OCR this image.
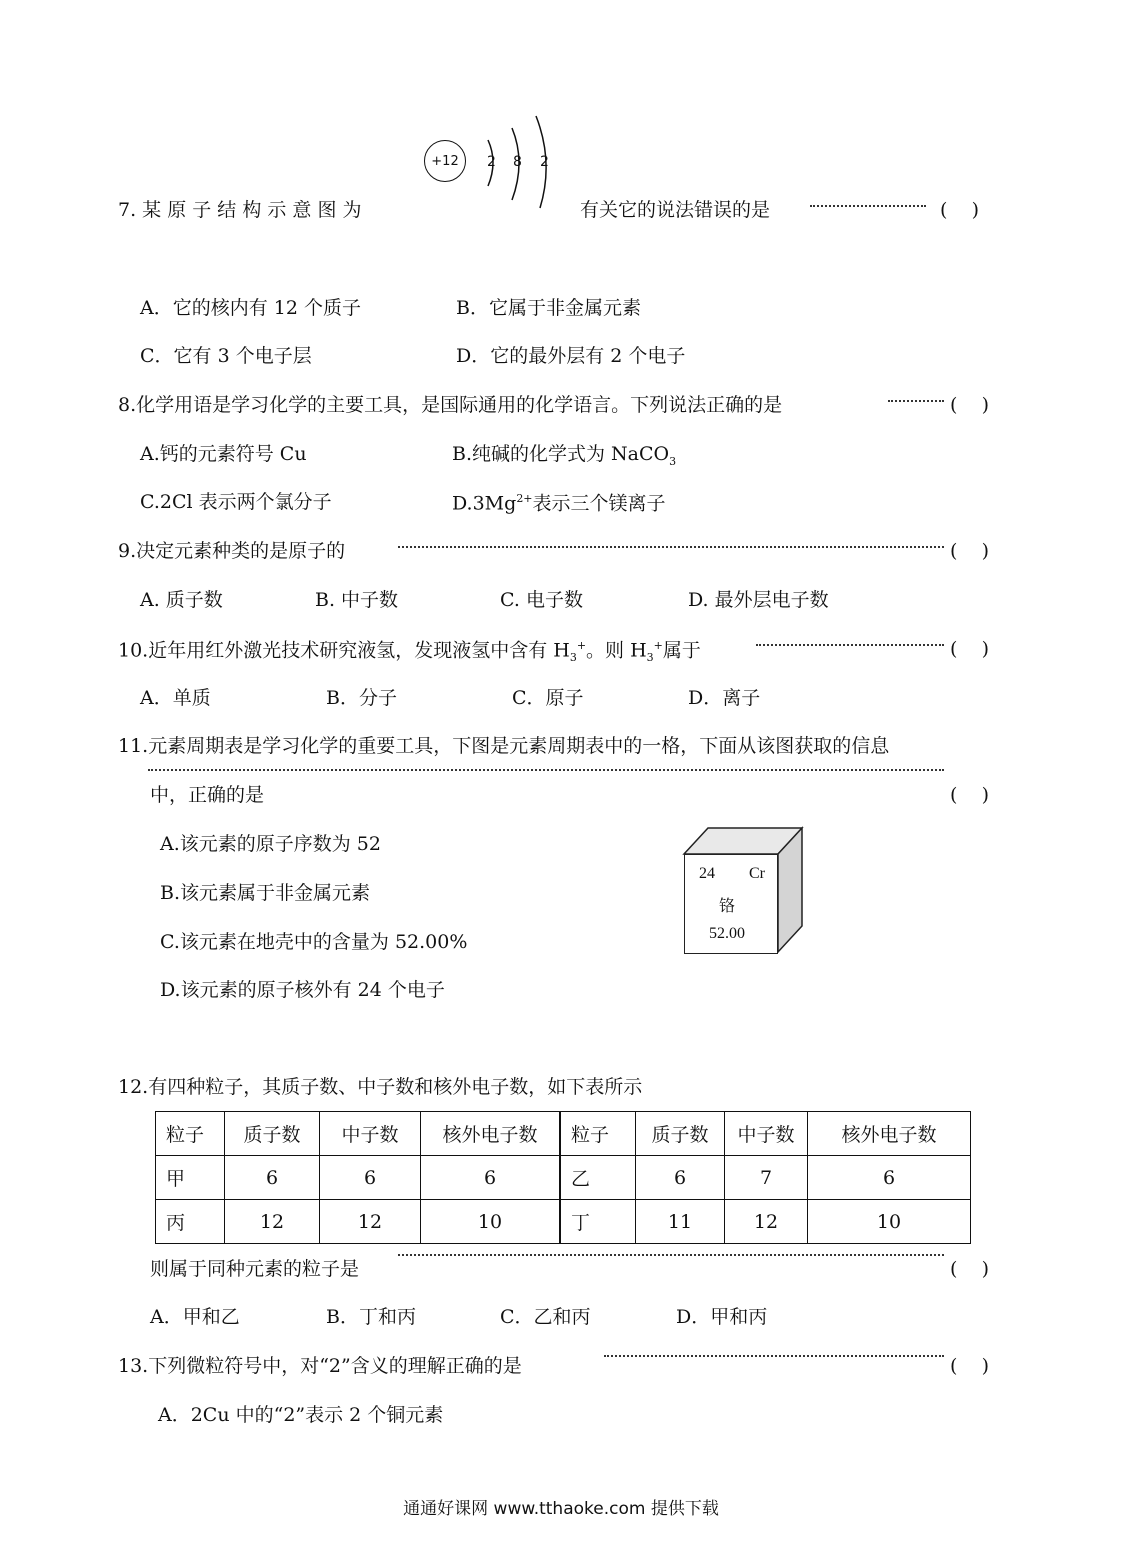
+12 2 8 2
7. 某 原 子 结 构 示 意 图 为	有关它的说法错误的是	(    )
A．它的核内有 12 个质子	B．它属于非金属元素
C．它有 3 个电子层	D．它的最外层有 2 个电子
8.化学用语是学习化学的主要工具，是国际通用的化学语言。下列说法正确的是	(    )
A.钙的元素符号 Cu	B.纯碱的化学式为 NaCO$_3$
C.2Cl 表示两个氯分子	$D.3Mg^{2+}$表示三个镁离子
9.决定元素种类的是原子的	(    )
A. 质子数	B. 中子数	C. 电子数	D. 最外层电子数
10.近年用红外激光技术研究液氢，发现液氢中含有 $H_3^+$。则 $H_3^+$属于	(    )
A．单质	B．分子	C．原子	D．离子
11.元素周期表是学习化学的重要工具，下图是元素周期表中的一格，下面从该图获取的信息
中，正确的是	(    )
A.该元素的原子序数为 52
B.该元素属于非金属元素
C.该元素在地壳中的含量为 52.00%
D.该元素的原子核外有 24 个电子
24 Cr
铬
52.00
12.有四种粒子，其质子数、中子数和核外电子数，如下表所示
粒子	质子数	中子数	核外电子数	粒子	质子数	中子数	核外电子数
甲	6	6	6	乙	6	7	6
丙	12	12	10	丁	11	12	10
则属于同种元素的粒子是	(    )
A．甲和乙	B．丁和丙	C．乙和丙	D．甲和丙
13.下列微粒符号中，对“2”含义的理解正确的是	(    )
A．2Cu 中的“2”表示 2 个铜元素
通通好课网 www.tthaoke.com 提供下载
